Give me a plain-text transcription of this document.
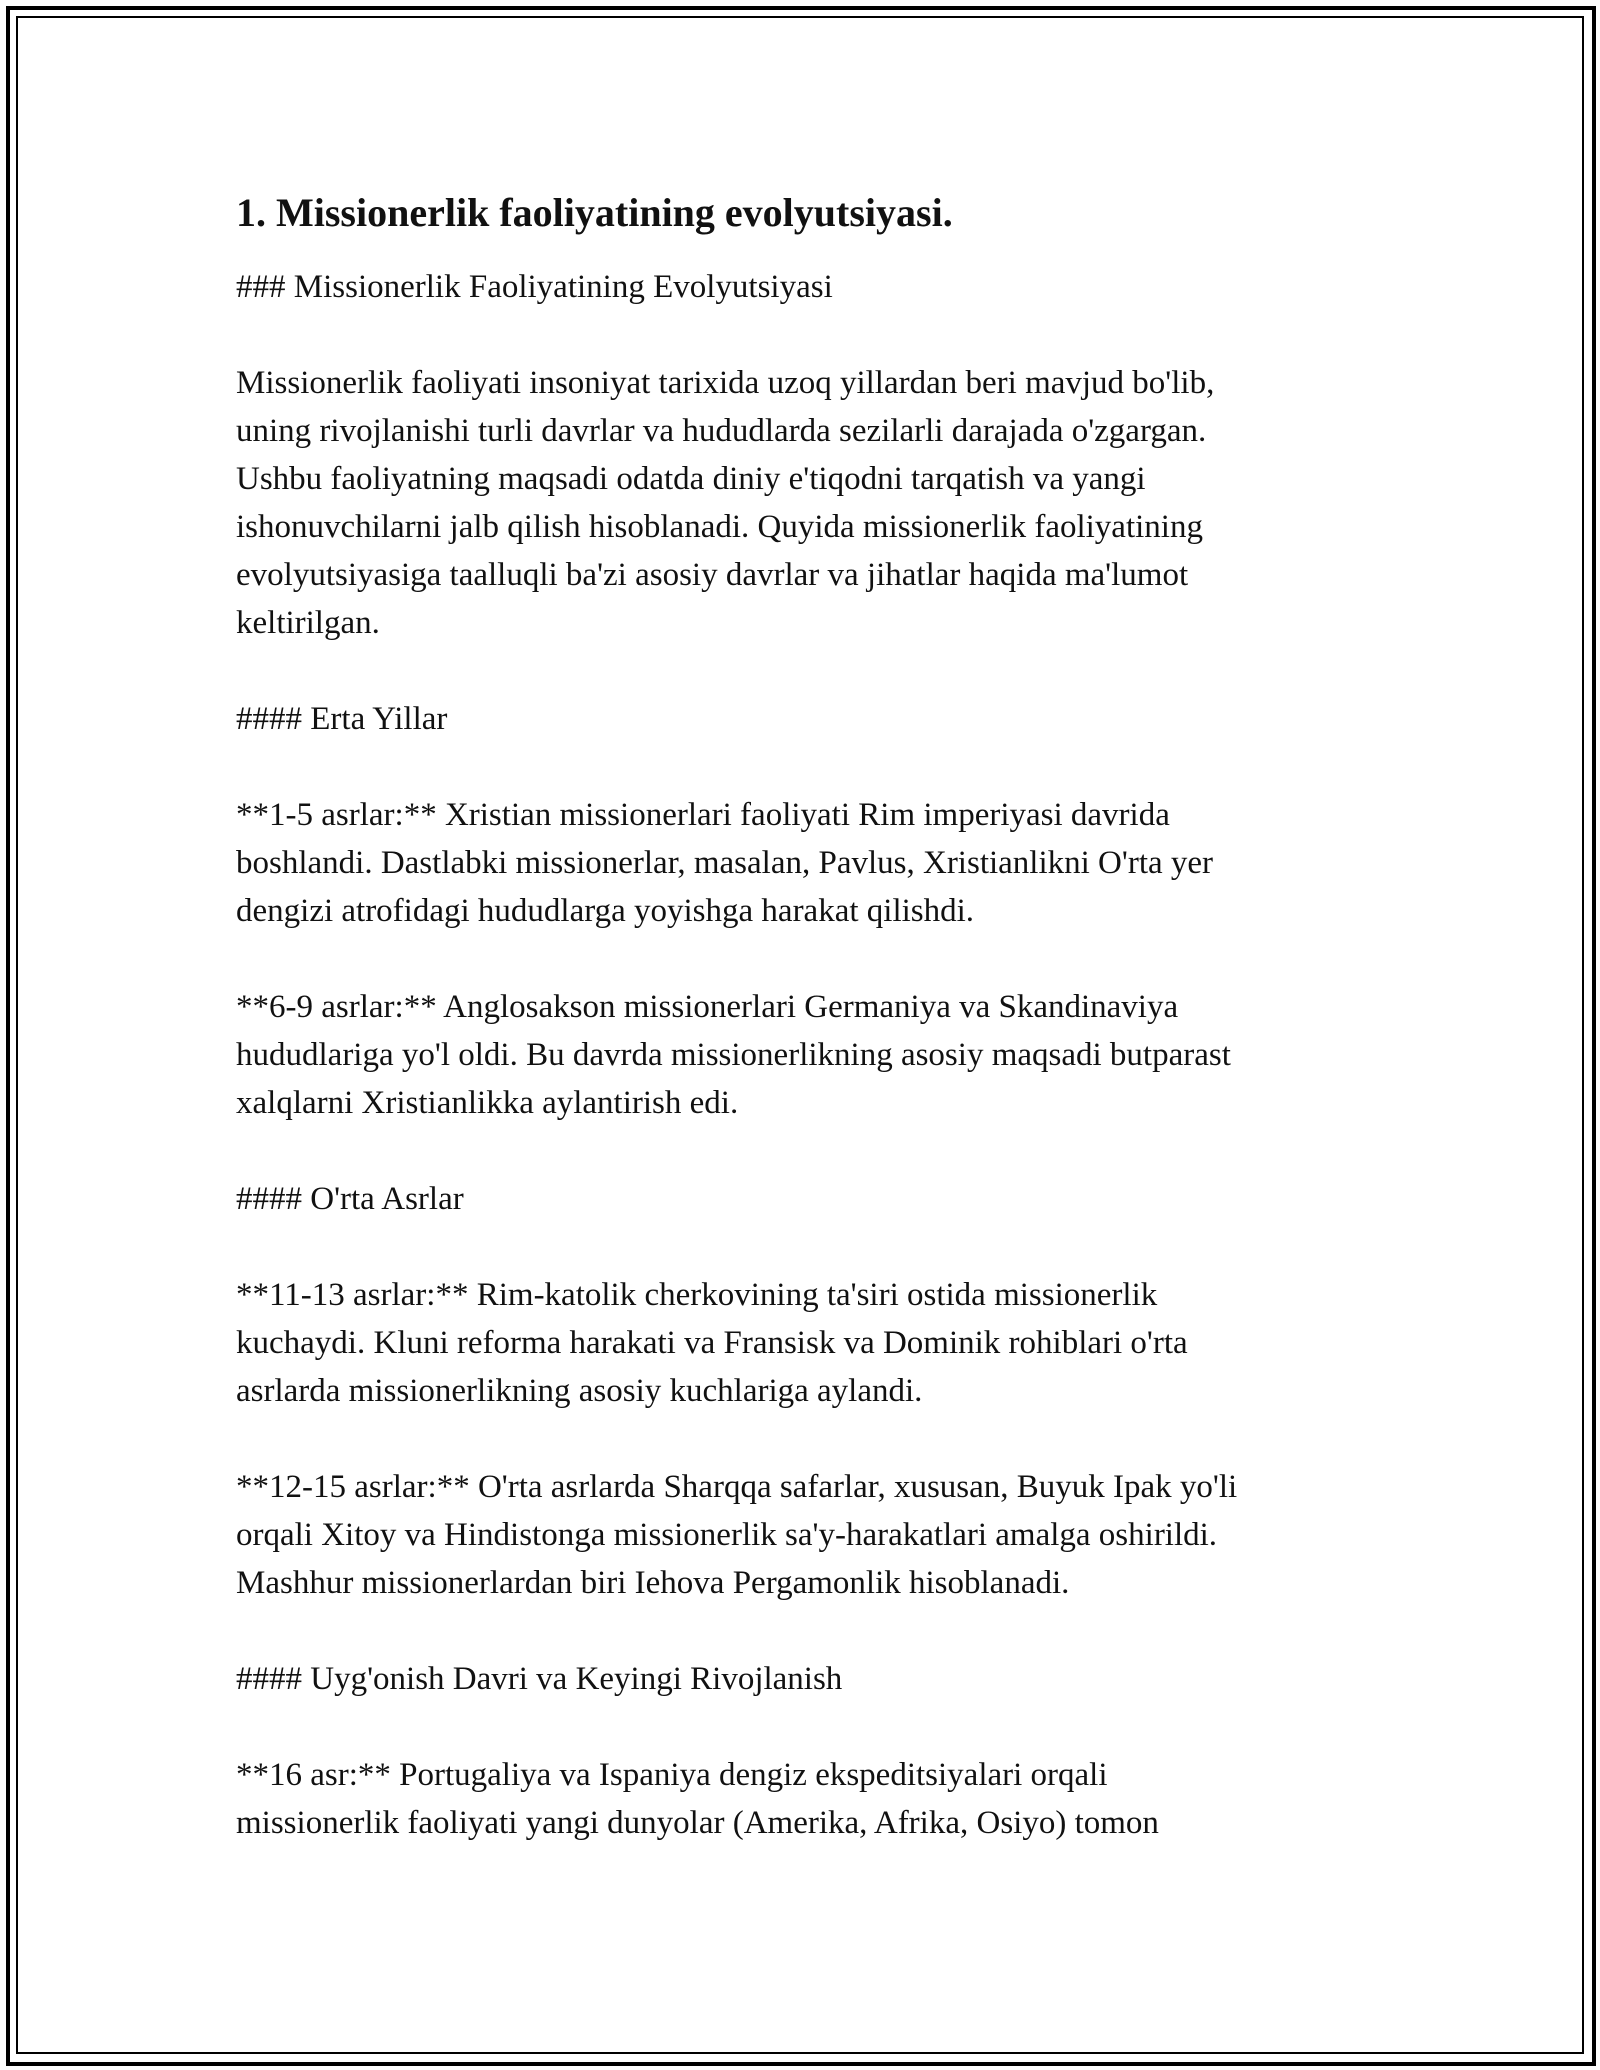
1. Missionerlik faoliyatining evolyutsiyasi.

### Missionerlik Faoliyatining Evolyutsiyasi

Missionerlik faoliyati insoniyat tarixida uzoq yillardan beri mavjud bo'lib,
uning rivojlanishi turli davrlar va hududlarda sezilarli darajada o'zgargan.
Ushbu faoliyatning maqsadi odatda diniy e'tiqodni tarqatish va yangi
ishonuvchilarni jalb qilish hisoblanadi. Quyida missionerlik faoliyatining
evolyutsiyasiga taalluqli ba'zi asosiy davrlar va jihatlar haqida ma'lumot
keltirilgan.

#### Erta Yillar

**1-5 asrlar:** Xristian missionerlari faoliyati Rim imperiyasi davrida
boshlandi. Dastlabki missionerlar, masalan, Pavlus, Xristianlikni O'rta yer
dengizi atrofidagi hududlarga yoyishga harakat qilishdi.

**6-9 asrlar:** Anglosakson missionerlari Germaniya va Skandinaviya
hududlariga yo'l oldi. Bu davrda missionerlikning asosiy maqsadi butparast
xalqlarni Xristianlikka aylantirish edi.

#### O'rta Asrlar

**11-13 asrlar:** Rim-katolik cherkovining ta'siri ostida missionerlik
kuchaydi. Kluni reforma harakati va Fransisk va Dominik rohiblari o'rta
asrlarda missionerlikning asosiy kuchlariga aylandi.

**12-15 asrlar:** O'rta asrlarda Sharqqa safarlar, xususan, Buyuk Ipak yo'li
orqali Xitoy va Hindistonga missionerlik sa'y-harakatlari amalga oshirildi.
Mashhur missionerlardan biri Iehova Pergamonlik hisoblanadi.

#### Uyg'onish Davri va Keyingi Rivojlanish

**16 asr:** Portugaliya va Ispaniya dengiz ekspeditsiyalari orqali
missionerlik faoliyati yangi dunyolar (Amerika, Afrika, Osiyo) tomon
